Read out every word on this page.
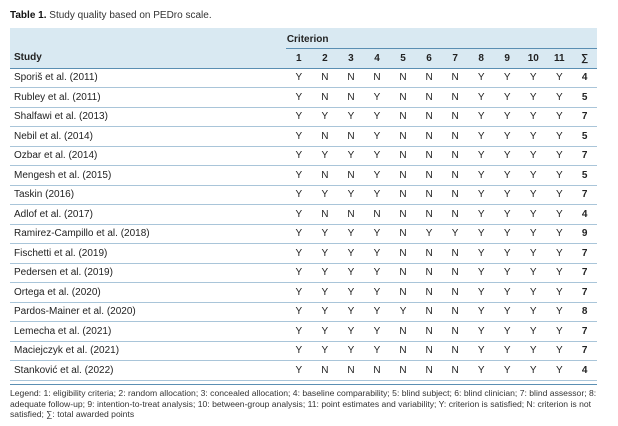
Table 1. Study quality based on PEDro scale.
	Criterion											
Study	1	2	3	4	5	6	7	8	9	10	11	∑
Sporiš et al. (2011)	Y	N	N	N	N	N	N	Y	Y	Y	Y	4
Rubley et al. (2011)	Y	N	N	Y	N	N	N	Y	Y	Y	Y	5
Shalfawi et al. (2013)	Y	Y	Y	Y	N	N	N	Y	Y	Y	Y	7
Nebil et al. (2014)	Y	N	N	Y	N	N	N	Y	Y	Y	Y	5
Ozbar et al. (2014)	Y	Y	Y	Y	N	N	N	Y	Y	Y	Y	7
Mengesh et al. (2015)	Y	N	N	Y	N	N	N	Y	Y	Y	Y	5
Taskin (2016)	Y	Y	Y	Y	N	N	N	Y	Y	Y	Y	7
Adlof et al. (2017)	Y	N	N	N	N	N	N	Y	Y	Y	Y	4
Ramirez-Campillo et al. (2018)	Y	Y	Y	Y	N	Y	Y	Y	Y	Y	Y	9
Fischetti et al. (2019)	Y	Y	Y	Y	N	N	N	Y	Y	Y	Y	7
Pedersen et al. (2019)	Y	Y	Y	Y	N	N	N	Y	Y	Y	Y	7
Ortega et al. (2020)	Y	Y	Y	Y	N	N	N	Y	Y	Y	Y	7
Pardos-Mainer et al. (2020)	Y	Y	Y	Y	Y	N	N	Y	Y	Y	Y	8
Lemecha et al. (2021)	Y	Y	Y	Y	N	N	N	Y	Y	Y	Y	7
Maciejczyk et al. (2021)	Y	Y	Y	Y	N	N	N	Y	Y	Y	Y	7
Stanković et al. (2022)	Y	N	N	N	N	N	N	Y	Y	Y	Y	4
Legend: 1: eligibility criteria; 2: random allocation; 3: concealed allocation; 4: baseline comparability; 5: blind subject; 6: blind clinician; 7: blind assessor; 8: adequate follow-up; 9: intention-to-treat analysis; 10: between-group analysis; 11: point estimates and variability; Y: criterion is satisfied; N: criterion is not satisfied; ∑: total awarded points
